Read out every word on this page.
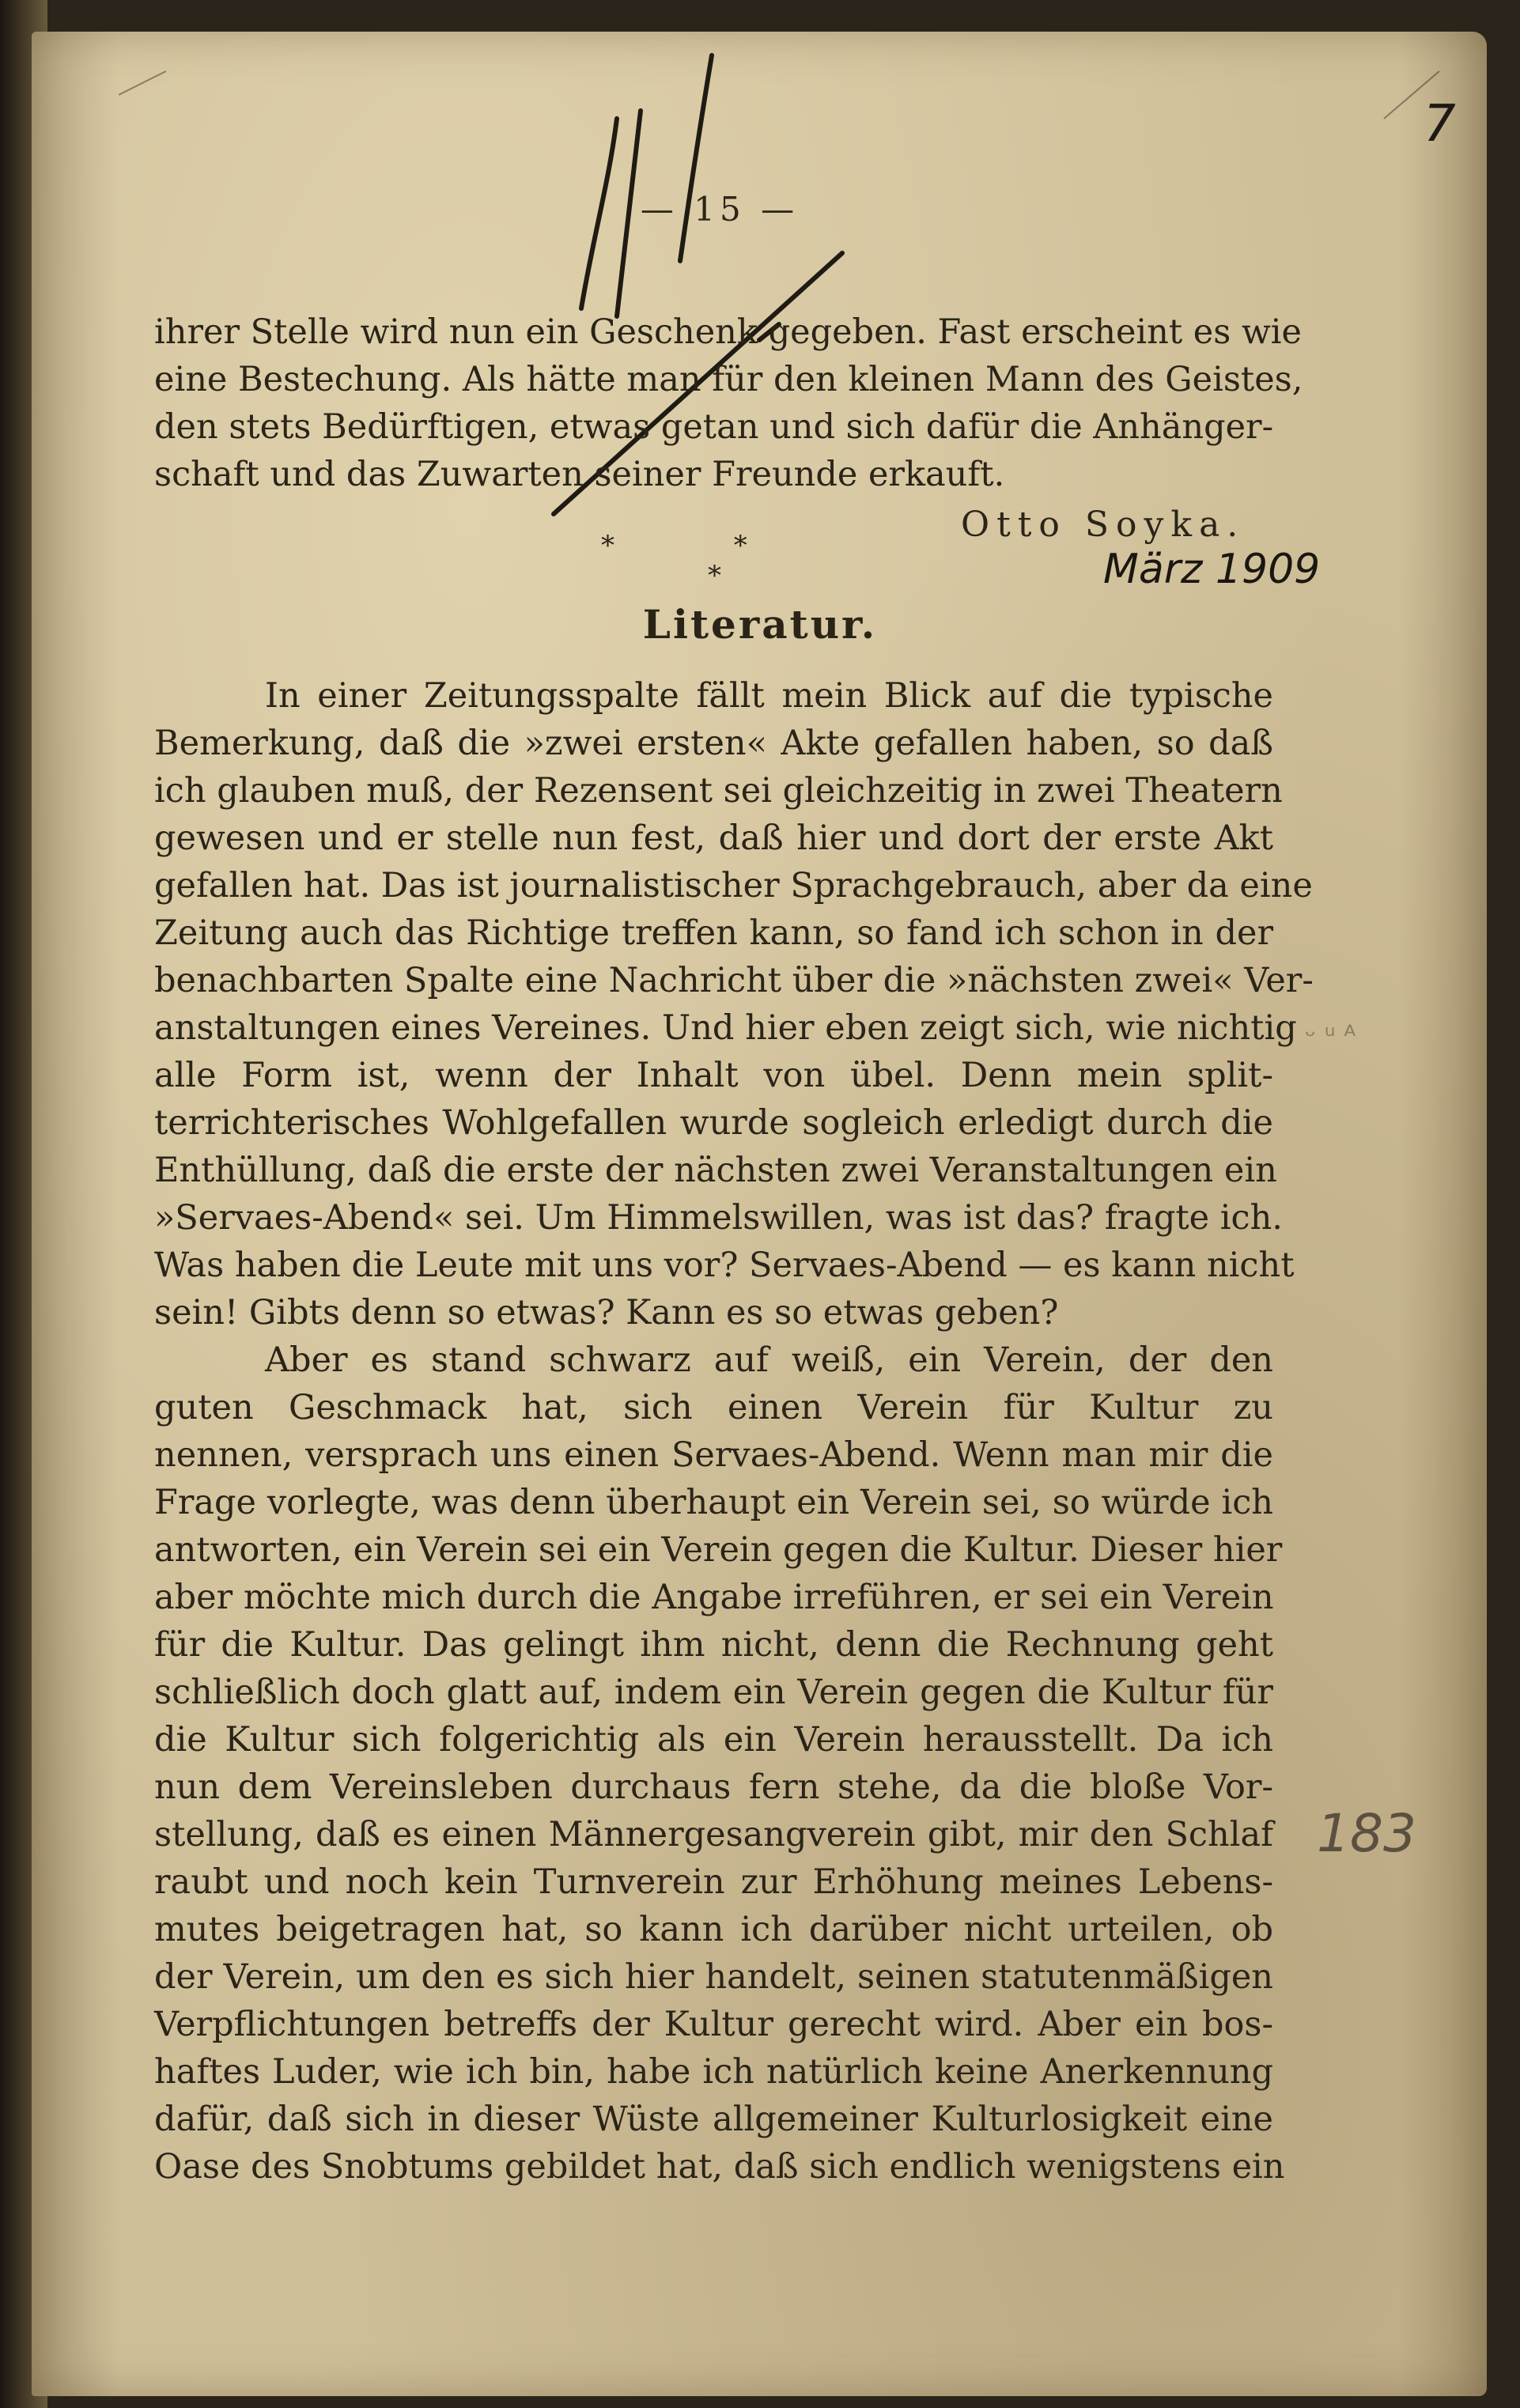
7
— 15 —
ihrer Stelle wird nun ein Geschenk gegeben. Fast erscheint es wie
eine Bestechung. Als hätte man für den kleinen Mann des Geistes,
den stets Bedürftigen, etwas getan und sich dafür die Anhänger-
schaft und das Zuwarten seiner Freunde erkauft.
Otto Soyka.
* *
*	März 1909
Literatur.
In einer Zeitungsspalte fällt mein Blick auf die typische
Bemerkung, daß die »zwei ersten« Akte gefallen haben, so daß
ich glauben muß, der Rezensent sei gleichzeitig in zwei Theatern
gewesen und er stelle nun fest, daß hier und dort der erste Akt
gefallen hat. Das ist journalistischer Sprachgebrauch, aber da eine
Zeitung auch das Richtige treffen kann, so fand ich schon in der
benachbarten Spalte eine Nachricht über die »nächsten zwei« Ver-
anstaltungen eines Vereines. Und hier eben zeigt sich, wie nichtig
alle Form ist, wenn der Inhalt von übel. Denn mein split-
terrichterisches Wohlgefallen wurde sogleich erledigt durch die
Enthüllung, daß die erste der nächsten zwei Veranstaltungen ein
»Servaes-Abend« sei. Um Himmelswillen, was ist das? fragte ich.
Was haben die Leute mit uns vor? Servaes-Abend — es kann nicht
sein! Gibts denn so etwas? Kann es so etwas geben?
Aber es stand schwarz auf weiß, ein Verein, der den
guten Geschmack hat, sich einen Verein für Kultur zu
nennen, versprach uns einen Servaes-Abend. Wenn man mir die
Frage vorlegte, was denn überhaupt ein Verein sei, so würde ich
antworten, ein Verein sei ein Verein gegen die Kultur. Dieser hier
aber möchte mich durch die Angabe irreführen, er sei ein Verein
für die Kultur. Das gelingt ihm nicht, denn die Rechnung geht
schließlich doch glatt auf, indem ein Verein gegen die Kultur für
die Kultur sich folgerichtig als ein Verein herausstellt. Da ich
nun dem Vereinsleben durchaus fern stehe, da die bloße Vor-
stellung, daß es einen Männergesangverein gibt, mir den Schlaf
raubt und noch kein Turnverein zur Erhöhung meines Lebens-
mutes beigetragen hat, so kann ich darüber nicht urteilen, ob
der Verein, um den es sich hier handelt, seinen statutenmäßigen
Verpflichtungen betreffs der Kultur gerecht wird. Aber ein bos-
haftes Luder, wie ich bin, habe ich natürlich keine Anerkennung
dafür, daß sich in dieser Wüste allgemeiner Kulturlosigkeit eine
Oase des Snobtums gebildet hat, daß sich endlich wenigstens ein
ᵕ ᵘ ᴬ
183
